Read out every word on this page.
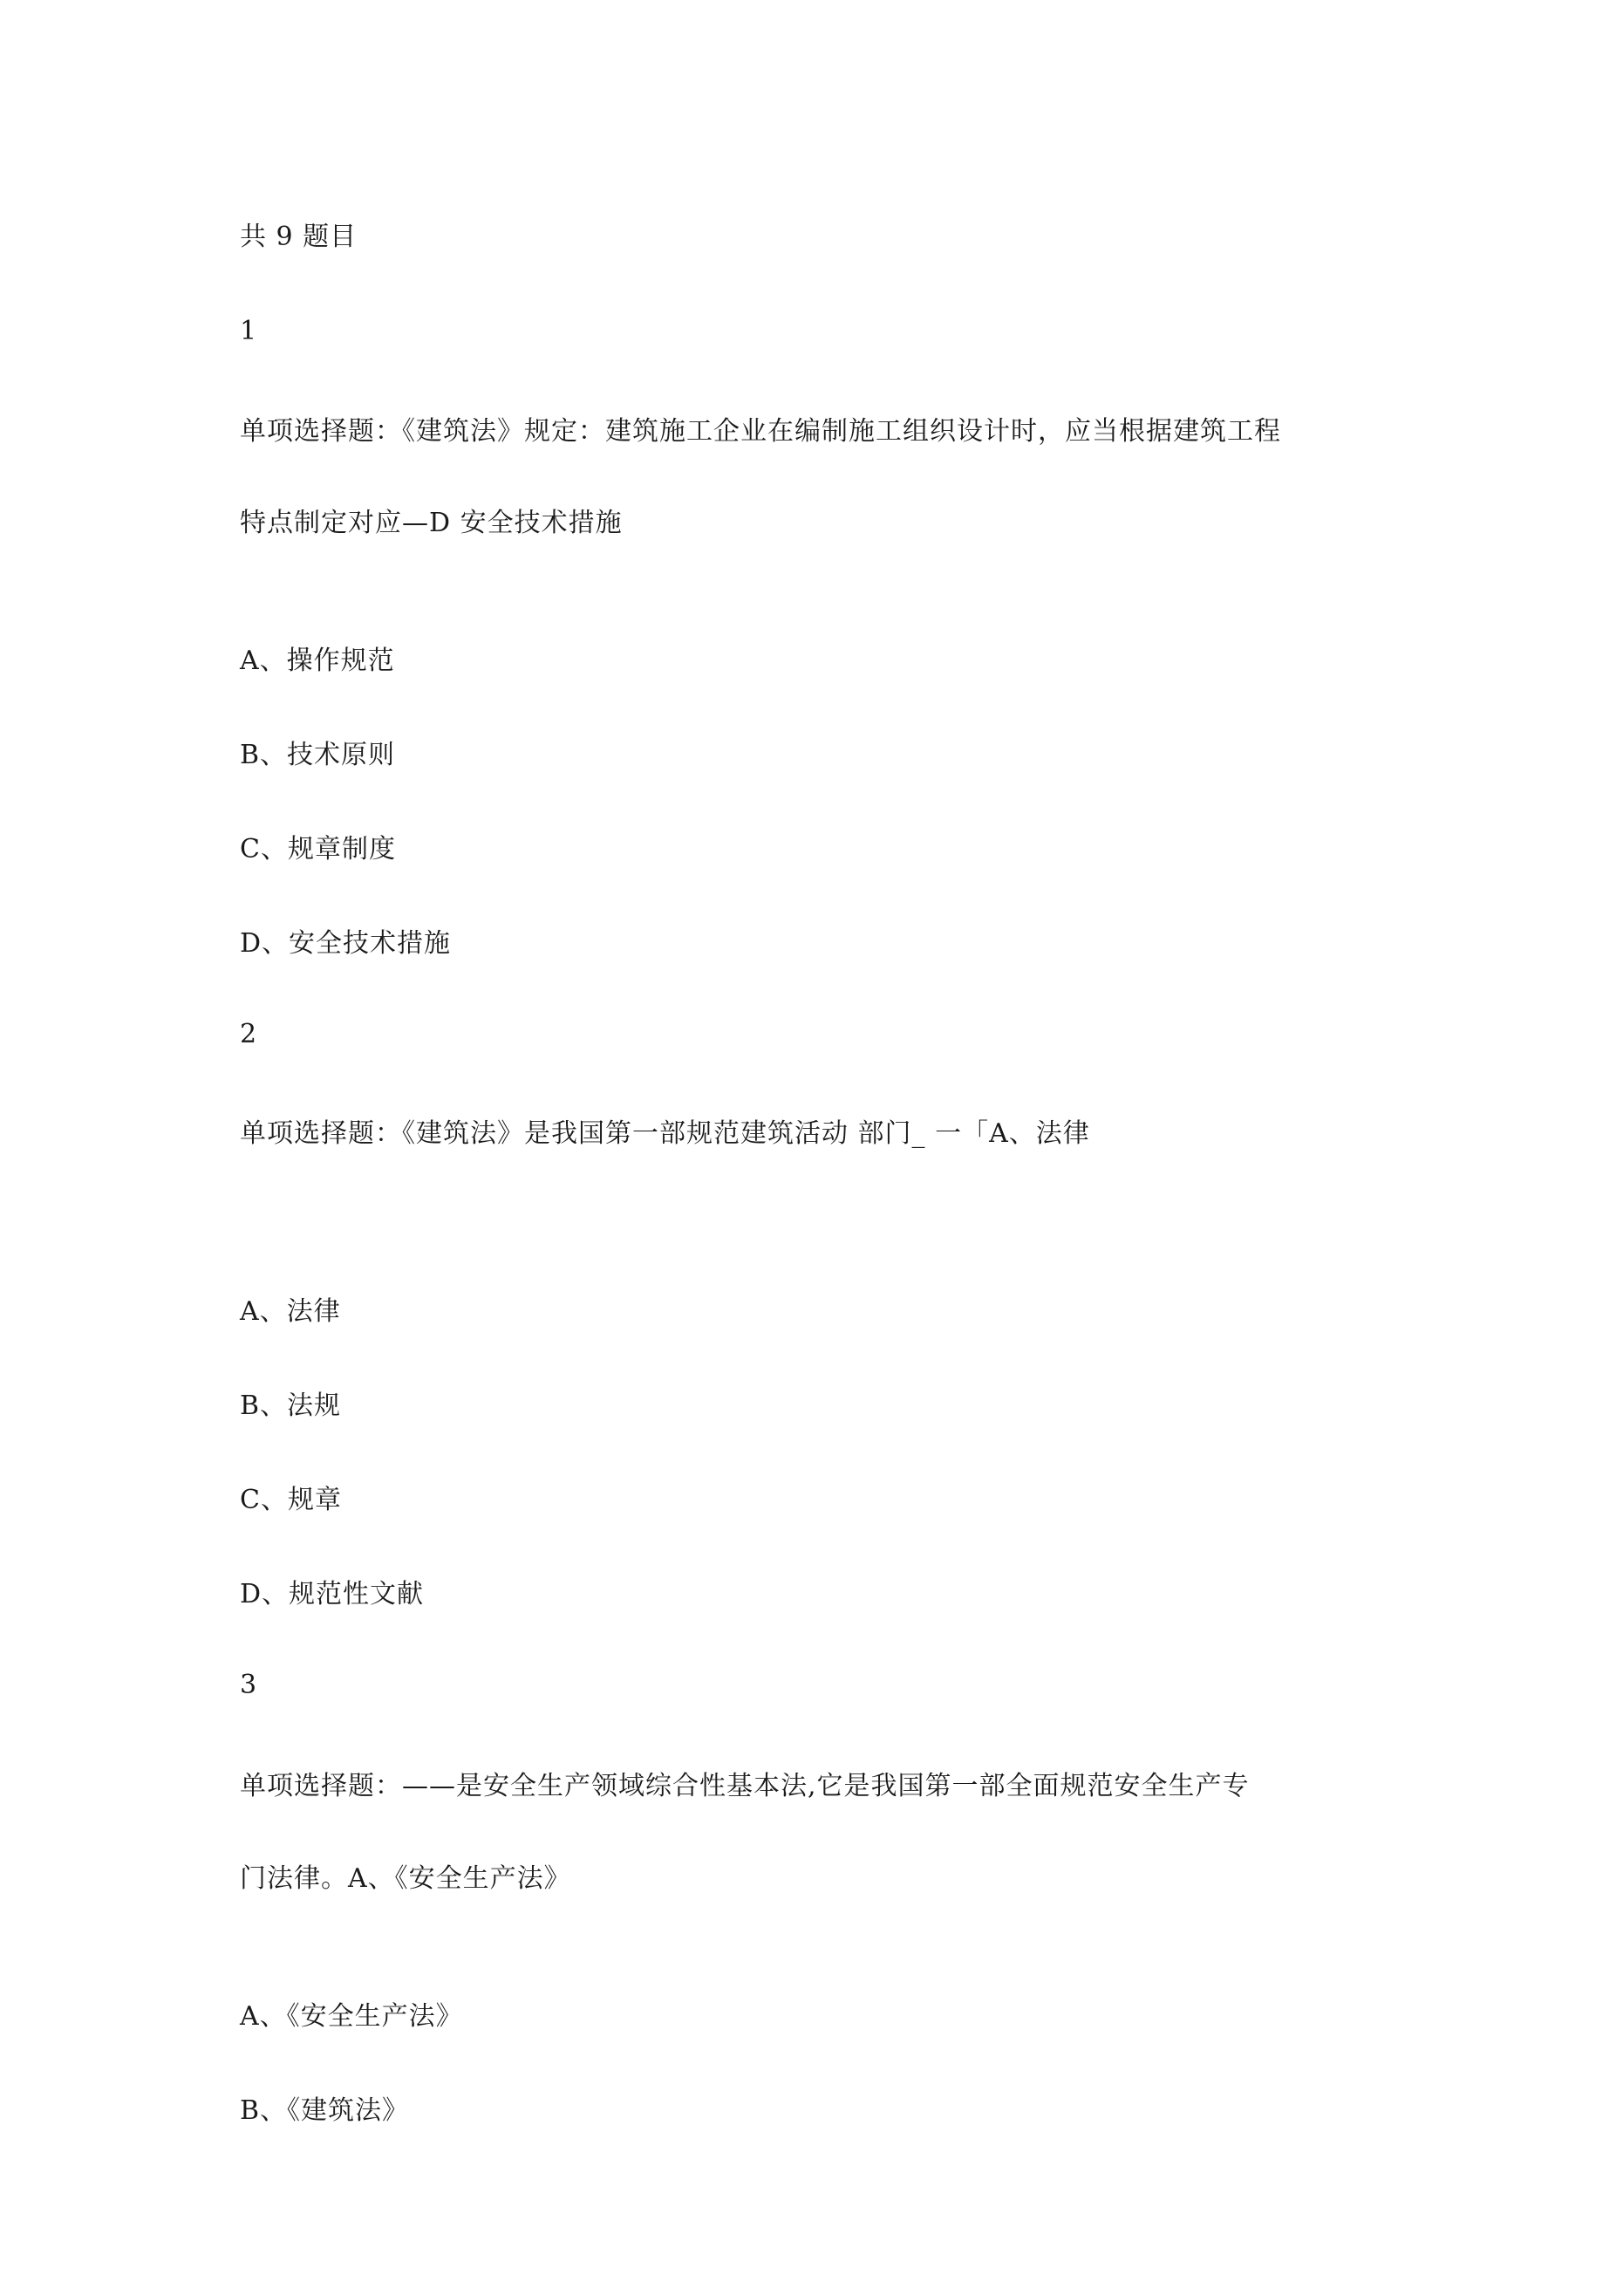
共 9 题目
1
单项选择题：《建筑法》规定：建筑施工企业在编制施工组织设计时，应当根据建筑工程
特点制定对应—D 安全技术措施
A、操作规范
B、技术原则
C、规章制度
D、安全技术措施
2
单项选择题：《建筑法》是我国第一部规范建筑活动 部门_ 一「A、法律
A、法律
B、法规
C、规章
D、规范性文献
3
单项选择题：——是安全生产领域综合性基本法,它是我国第一部全面规范安全生产专
门法律。A、《安全生产法》
A、《安全生产法》
B、《建筑法》
